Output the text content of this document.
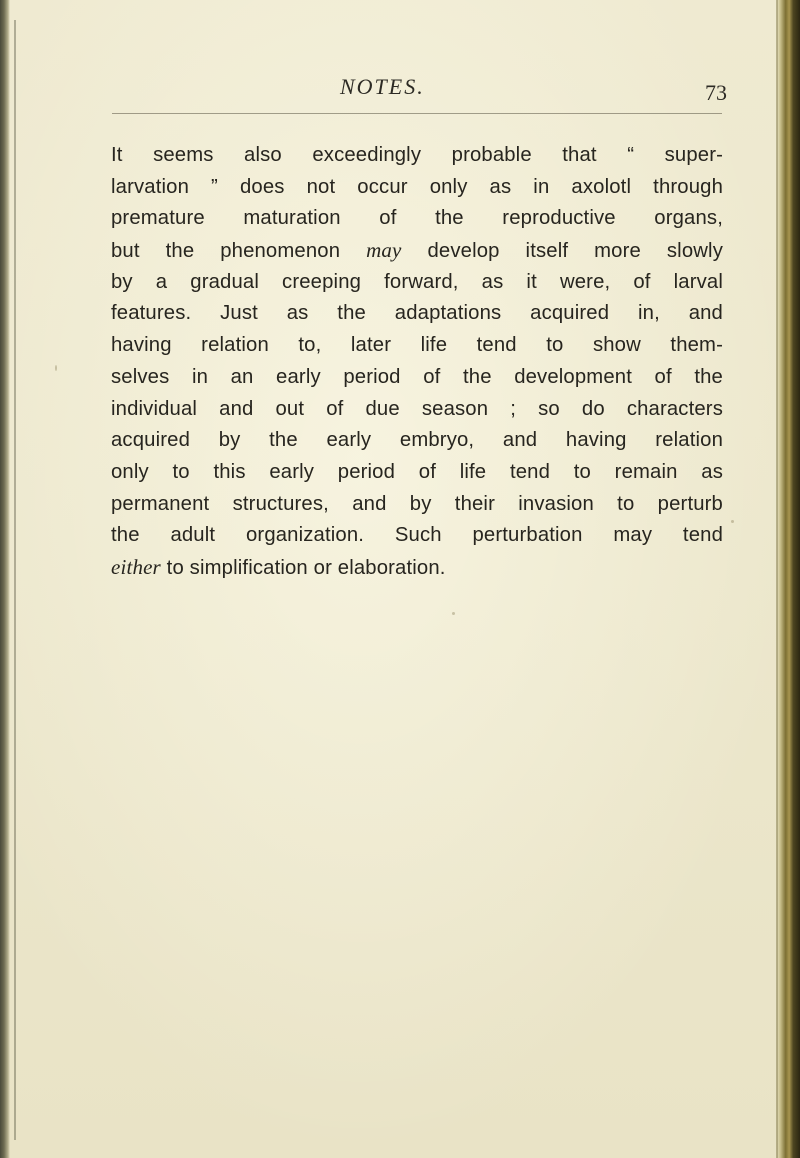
NOTES.	73

It seems also exceedingly probable that “ super-
larvation ” does not occur only as in axolotl through
premature maturation of the reproductive organs,
but the phenomenon may develop itself more slowly
by a gradual creeping forward, as it were, of larval
features. Just as the adaptations acquired in, and
having relation to, later life tend to show them-
selves in an early period of the development of the
individual and out of due season ; so do characters
acquired by the early embryo, and having relation
only to this early period of life tend to remain as
permanent structures, and by their invasion to perturb
the adult organization. Such perturbation may tend
either to simplification or elaboration.
